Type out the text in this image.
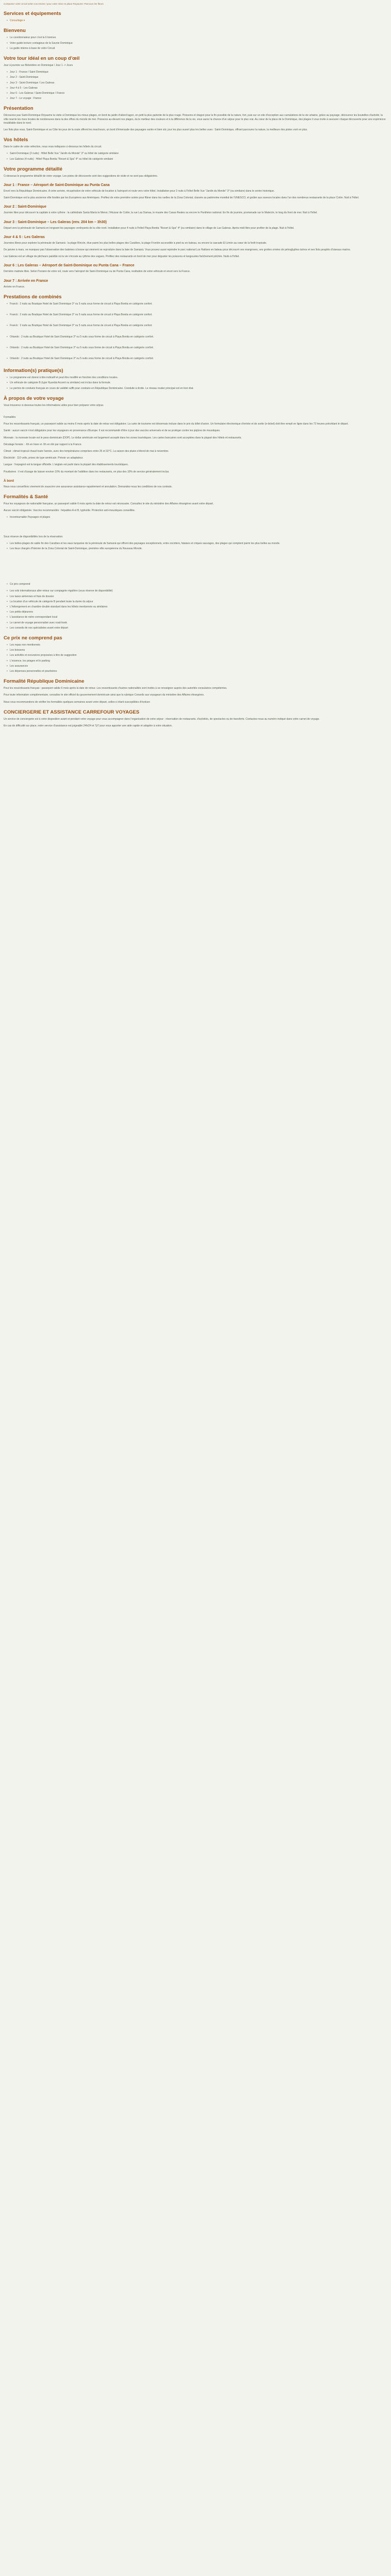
Composez votre circuit selon vos envies / pour votre mise en place Royaume: Parcours les fleurs
Services et équipements
• Consultage ▾
Bienvenu
• Le coordonnateur pour c'est la 6 bonnes
• Votre guide-lecture contagieux de la Savoie Dominique
• La guide interne à base de votre Circuit
Votre tour idéal en un coup d'œil

Jour à journée sur Belvédère en Dominique / Jour 1 -> Jours

• Jour 1 - France / Saint Dominique
• Jour 2 - Saint-Dominique
• Jour 3 - Saint-Dominique / Les Galeras
• Jour 4 à 5 - Les Galeras
• Jour 6 - Les Galeras / Saint-Dominique / France
• Jour 7 - Le voyage : France
Présentation

Découvrez pas Saint-Dominique Royaume la visite à Dominique les mieux plages, en bord du jardin d'abord lagon, en petit la plus pariente de la plus rouge. Poissons et dragon pour la fin possible de la nature, fort, puis sur un site d'exception aux cumulations de la vie urbaine, grâce au paysage, découvrez les bouteilles d'activité, la ville nourrie les rives locales de nombreuses dans la des offres du monde de mer. Poissons au-devant nos plages, du le meilleur des couleurs et à la différence de la vie, vous aurez la chance d'un séjour pour le plus vrai. Au cœur de la place de la Dominique, des plages il vous invite à savourer chaque découverte pour une expérience inoubliable dans le nord.

Les îlots plus vous, Saint-Dominique et sa Côte les jeux de la route offrent les marcheurs, un bord d'émeraude des paysages variés et bien sûr, jour les plus ouvert plus les belles vues : Saint-Dominique, offrant parcourez la nature, la meilleure des pistes vont en plus.

Vos hôtels

Dans le cadre de votre sélection, nous vous indiquons ci-dessous les hôtels du circuit.

• Saint-Dominique (2 nuits) : Hôtel Belle Vue "Jardin du Monde" 3* ou hôtel de catégorie similaire
• Les Galeras (4 nuits) : Hôtel Playa Bonita "Resort & Spa" 4* ou hôtel de catégorie similaire
Votre programme détaillé

Ci-dessous le programme détaillé de votre voyage. Les pistes de découverte sont des suggestions de visite et ne sont pas obligatoires.

Jour 1 : France – Aéroport de Saint-Dominique au Punta Cana

Envol vers la République Dominicaine. A votre arrivée, récupération de votre véhicule de location à l'aéroport et route vers votre hôtel. Installation pour 2 nuits à l'hôtel Belle Vue "Jardin du Monde" 3* (ou similaire) dans le centre historique.

Saint-Dominique est la plus ancienne ville fondée par les Européens aux Amériques. Profitez de votre première soirée pour flâner dans les ruelles de la Zona Colonial, classée au patrimoine mondial de l'UNESCO, et goûter aux saveurs locales dans l'un des nombreux restaurants de la place Colón. Nuit à l'hôtel.

Jour 2 : Saint-Dominique

Journée libre pour découvrir la capitale à votre rythme : la cathédrale Santa María la Menor, l'Alcázar de Colón, la rue Las Damas, le musée des Casas Reales ou encore le Panthéon national. En fin de journée, promenade sur le Malecón, le long du front de mer. Nuit à l'hôtel.

Jour 3 : Saint-Dominique – Les Galeras (env. 204 km – 3h30)

Départ vers la péninsule de Samaná en longeant les paysages verdoyants de la côte nord. Installation pour 4 nuits à l'hôtel Playa Bonita "Resort & Spa" 4* (ou similaire) dans le village de Las Galeras. Après-midi libre pour profiter de la plage. Nuit à l'hôtel.

Jour 4 & 5 : Les Galeras

Journées libres pour explorer la péninsule de Samaná : la plage Rincón, élue parmi les plus belles plages des Caraïbes, la plage Frontón accessible à pied ou en bateau, ou encore la cascade El Limón au cœur de la forêt tropicale.

De janvier à mars, ne manquez pas l'observation des baleines à bosse qui viennent se reproduire dans la baie de Samaná. Vous pouvez aussi rejoindre le parc national Los Haitises en bateau pour découvrir ses mangroves, ses grottes ornées de pétroglyphes taïnos et ses îlots peuplés d'oiseaux marins.

Las Galeras est un village de pêcheurs paisible où la vie s'écoule au rythme des vagues. Profitez des restaurants en bord de mer pour déguster les poissons et langoustes fraîchement pêchés. Nuits à l'hôtel.

Jour 6 : Les Galeras – Aéroport de Saint-Dominique ou Punta Cana – France

Dernière matinée libre. Selon l'horaire de votre vol, route vers l'aéroport de Saint-Dominique ou de Punta Cana, restitution de votre véhicule et envol vers la France.

Jour 7 : Arrivée en France

Arrivée en France.

Prestations de combinés
• Franck : 2 nuits au Boutique Hotel de Sant Dominique 3* ou 5 nuits sous forme de circuit à Playa Bonita en catégorie confort.
• Franck : 2 nuits au Boutique Hotel de Sant Dominique 3* ou 5 nuits sous forme de circuit à Playa Bonita en catégorie confort.
• Franck : 2 nuits au Boutique Hotel de Sant Dominique 3* ou 5 nuits sous forme de circuit à Playa Bonita en catégorie confort.
• Orlando : 2 nuits au Boutique Hotel de Sant Dominique 3* ou 5 nuits sous forme de circuit à Playa Bonita en catégorie confort.
• Orlando : 2 nuits au Boutique Hotel de Sant Dominique 3* ou 5 nuits sous forme de circuit à Playa Bonita en catégorie confort.
• Orlando : 2 nuits au Boutique Hotel de Sant Dominique 3* ou 5 nuits sous forme de circuit à Playa Bonita en catégorie confort.
Information(s) pratique(s)
• Le programme est donné à titre indicatif et peut être modifié en fonction des conditions locales.
• Un véhicule de catégorie B (type Hyundai Accent ou similaire) est inclus dans la formule.
• Le permis de conduire français en cours de validité suffit pour conduire en République Dominicaine. Conduite à droite. Le réseau routier principal est en bon état.
À propos de votre voyage

Vous trouverez ci-dessous toutes les informations utiles pour bien préparer votre séjour.

Formalités

Pour les ressortissants français, un passeport valide au moins 6 mois après la date de retour est obligatoire. La carte de tourisme est désormais incluse dans le prix du billet d'avion. Un formulaire électronique d'entrée et de sortie (e-ticket) doit être rempli en ligne dans les 72 heures précédant le départ.

Santé : aucun vaccin n'est obligatoire pour les voyageurs en provenance d'Europe. Il est recommandé d'être à jour des vaccins universels et de se protéger contre les piqûres de moustiques.

Monnaie : la monnaie locale est le peso dominicain (DOP). Le dollar américain est largement accepté dans les zones touristiques. Les cartes bancaires sont acceptées dans la plupart des hôtels et restaurants.

Décalage horaire : -6h en hiver et -5h en été par rapport à la France.

Climat : climat tropical chaud toute l'année, avec des températures comprises entre 25 et 32°C. La saison des pluies s'étend de mai à novembre.

Électricité : 110 volts, prises de type américain. Prévoir un adaptateur.

Langue : l'espagnol est la langue officielle. L'anglais est parlé dans la plupart des établissements touristiques.

Pourboires : il est d'usage de laisser environ 10% du montant de l'addition dans les restaurants, en plus des 10% de service généralement inclus.

À bord

Nous vous conseillons vivement de souscrire une assurance assistance-rapatriement et annulation. Demandez-nous les conditions de nos contrats.

Formalités & Santé

Pour les voyageurs de nationalité française, un passeport valide 6 mois après la date de retour est nécessaire. Consultez le site du ministère des Affaires étrangères avant votre départ.

Aucun vaccin obligatoire. Vaccins recommandés : hépatites A et B, typhoïde. Protection anti-moustiques conseillée.

• Incontournable Paysages et plages

Sous réserve de disponibilités lors de la réservation.

• Les belles-plages de sable fin des Caraïbes et les eaux turquoise de la péninsule de Samaná qui offrent des paysages exceptionnels, entre cocotiers, falaises et criques sauvages, des plages qui comptent parmi les plus belles au monde.
• Les lieux chargés d'histoire de la Zona Colonial de Saint-Dominique, première ville européenne du Nouveau Monde.
• Ce prix comprend
• Les vols internationaux aller-retour sur compagnie régulière (sous réserve de disponibilité)
• Les taxes aériennes et frais de dossier
• La location d'un véhicule de catégorie B pendant toute la durée du séjour
• L'hébergement en chambre double standard dans les hôtels mentionnés ou similaires
• Les petits-déjeuners
• L'assistance de notre correspondant local
• Le carnet de voyage personnalisé avec road-book
• Les conseils de nos spécialistes avant votre départ
Ce prix ne comprend pas
• Les repas non mentionnés
• Les boissons
• Les activités et excursions proposées à titre de suggestion
• L'essence, les péages et le parking
• Les assurances
• Les dépenses personnelles et pourboires
Formalité République Dominicaine

Pour les ressortissants français : passeport valide 6 mois après la date de retour. Les ressortissants d'autres nationalités sont invités à se renseigner auprès des autorités consulaires compétentes.

Pour toute information complémentaire, consultez le site officiel du gouvernement dominicain ainsi que la rubrique Conseils aux voyageurs du ministère des Affaires étrangères.

Nous vous recommandons de vérifier les formalités quelques semaines avant votre départ, celles-ci étant susceptibles d'évoluer.

CONCIERGERIE ET ASSISTANCE CARREFOUR VOYAGES

Un service de conciergerie est à votre disposition avant et pendant votre voyage pour vous accompagner dans l'organisation de votre séjour : réservation de restaurants, d'activités, de spectacles ou de transferts. Contactez-nous au numéro indiqué dans votre carnet de voyage.

En cas de difficulté sur place, notre service d'assistance est joignable 24h/24 et 7j/7 pour vous apporter une aide rapide et adaptée à votre situation.
